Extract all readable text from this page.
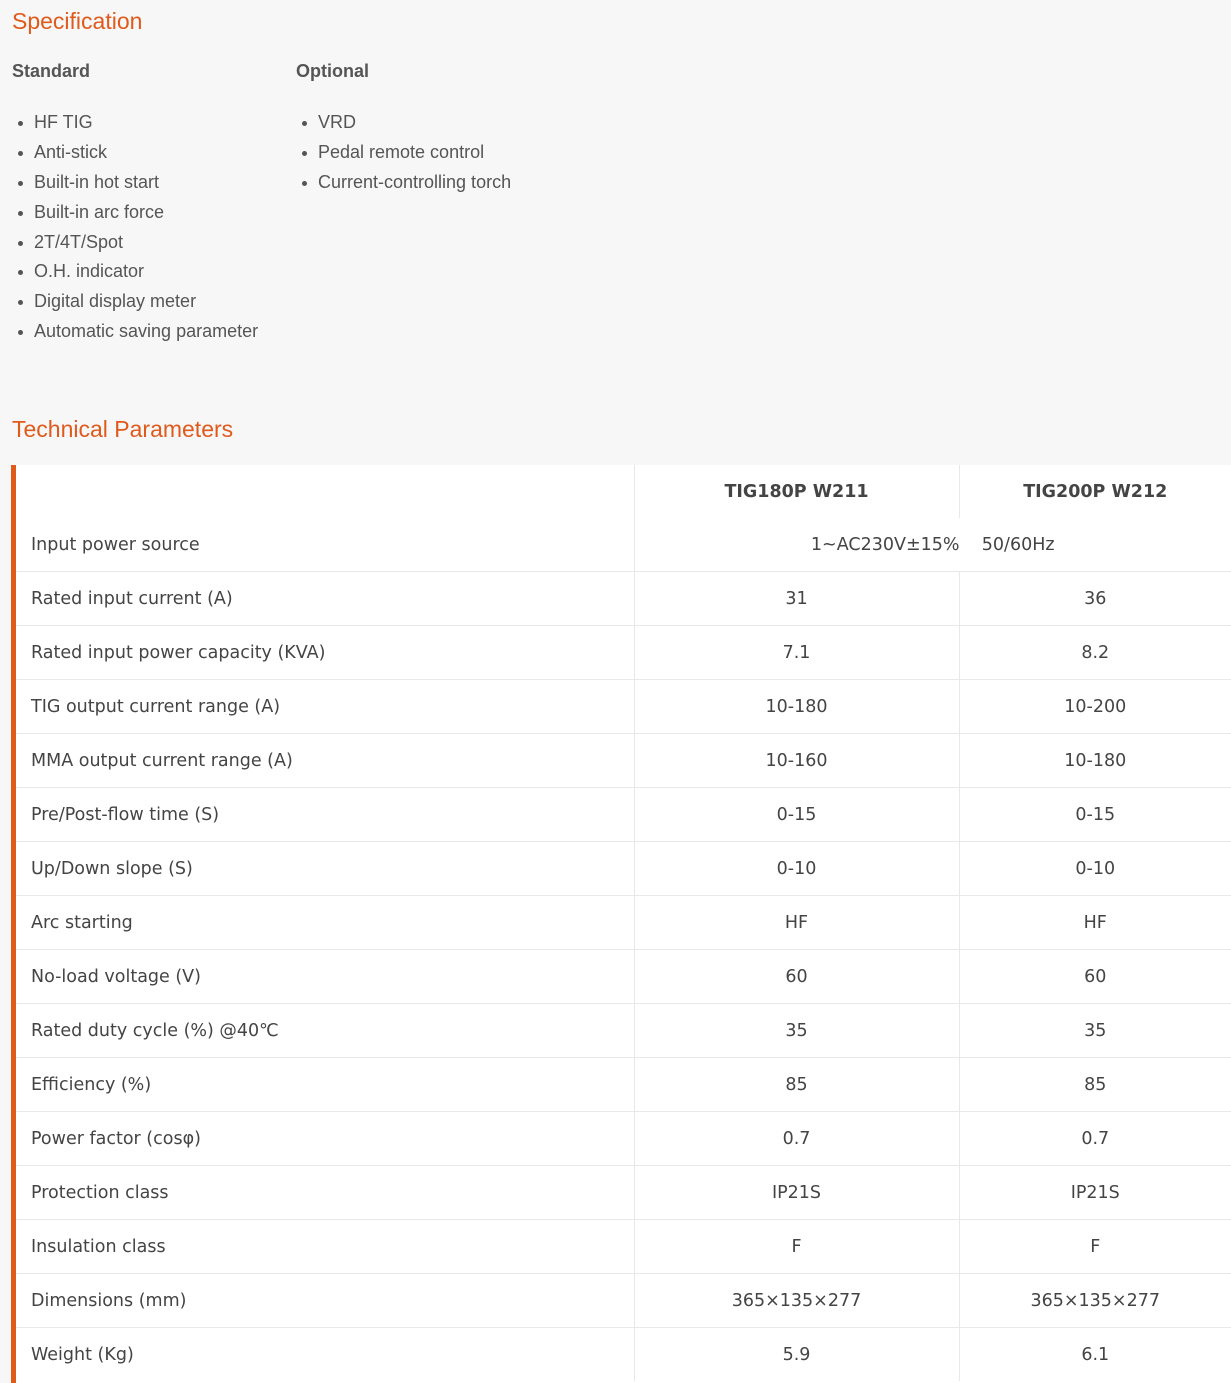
Specification
Standard
HF TIG
Anti-stick
Built-in hot start
Built-in arc force
2T/4T/Spot
O.H. indicator
Digital display meter
Automatic saving parameter
Optional
VRD
Pedal remote control
Current-controlling torch
Technical Parameters
	TIG180P W211	TIG200P W212
Input power source	1~AC230V±15%    50/60Hz	
Rated input current (A)	31	36
Rated input power capacity (KVA)	7.1	8.2
TIG output current range (A)	10-180	10-200
MMA output current range (A)	10-160	10-180
Pre/Post-flow time (S)	0-15	0-15
Up/Down slope (S)	0-10	0-10
Arc starting	HF	HF
No-load voltage (V)	60	60
Rated duty cycle (%) @40℃	35	35
Efficiency (%)	85	85
Power factor (cosφ)	0.7	0.7
Protection class	IP21S	IP21S
Insulation class	F	F
Dimensions (mm)	365×135×277	365×135×277
Weight (Kg)	5.9	6.1
